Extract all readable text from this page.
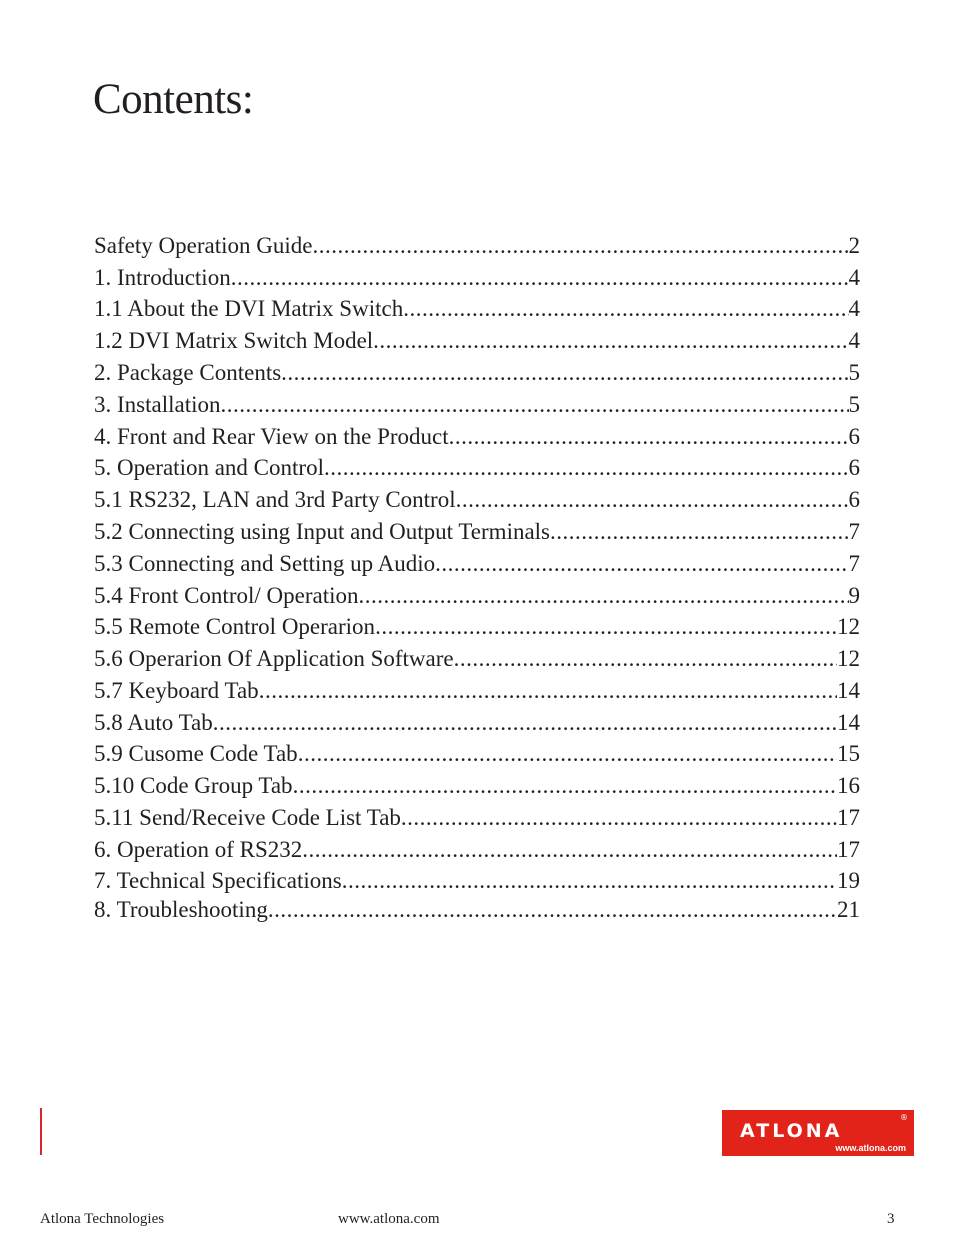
Contents:
Safety Operation Guide .....	2
1. Introduction .....	4
1.1 About the DVI Matrix Switch .....	4
1.2 DVI Matrix Switch Model .....	4
2. Package Contents .....	5
3. Installation .....	5
4. Front and Rear View on the Product .....	6
5. Operation and Control .....	6
5.1 RS232, LAN and 3rd Party Control .....	6
5.2 Connecting using Input and Output Terminals .....	7
5.3 Connecting and Setting up Audio .....	7
5.4 Front Control/ Operation .....	9
5.5 Remote Control Operarion .....	12
5.6 Operarion Of Application Software .....	12
5.7 Keyboard Tab .....	14
5.8 Auto Tab .....	14
5.9 Cusome Code Tab .....	15
5.10 Code Group Tab .....	16
5.11 Send/Receive Code List Tab .....	17
6. Operation of RS232 .....	17
7. Technical Specifications .....	19
8. Troubleshooting .....	21
ATLONA
®
www.atlona.com
Atlona Technologies	www.atlona.com	3
